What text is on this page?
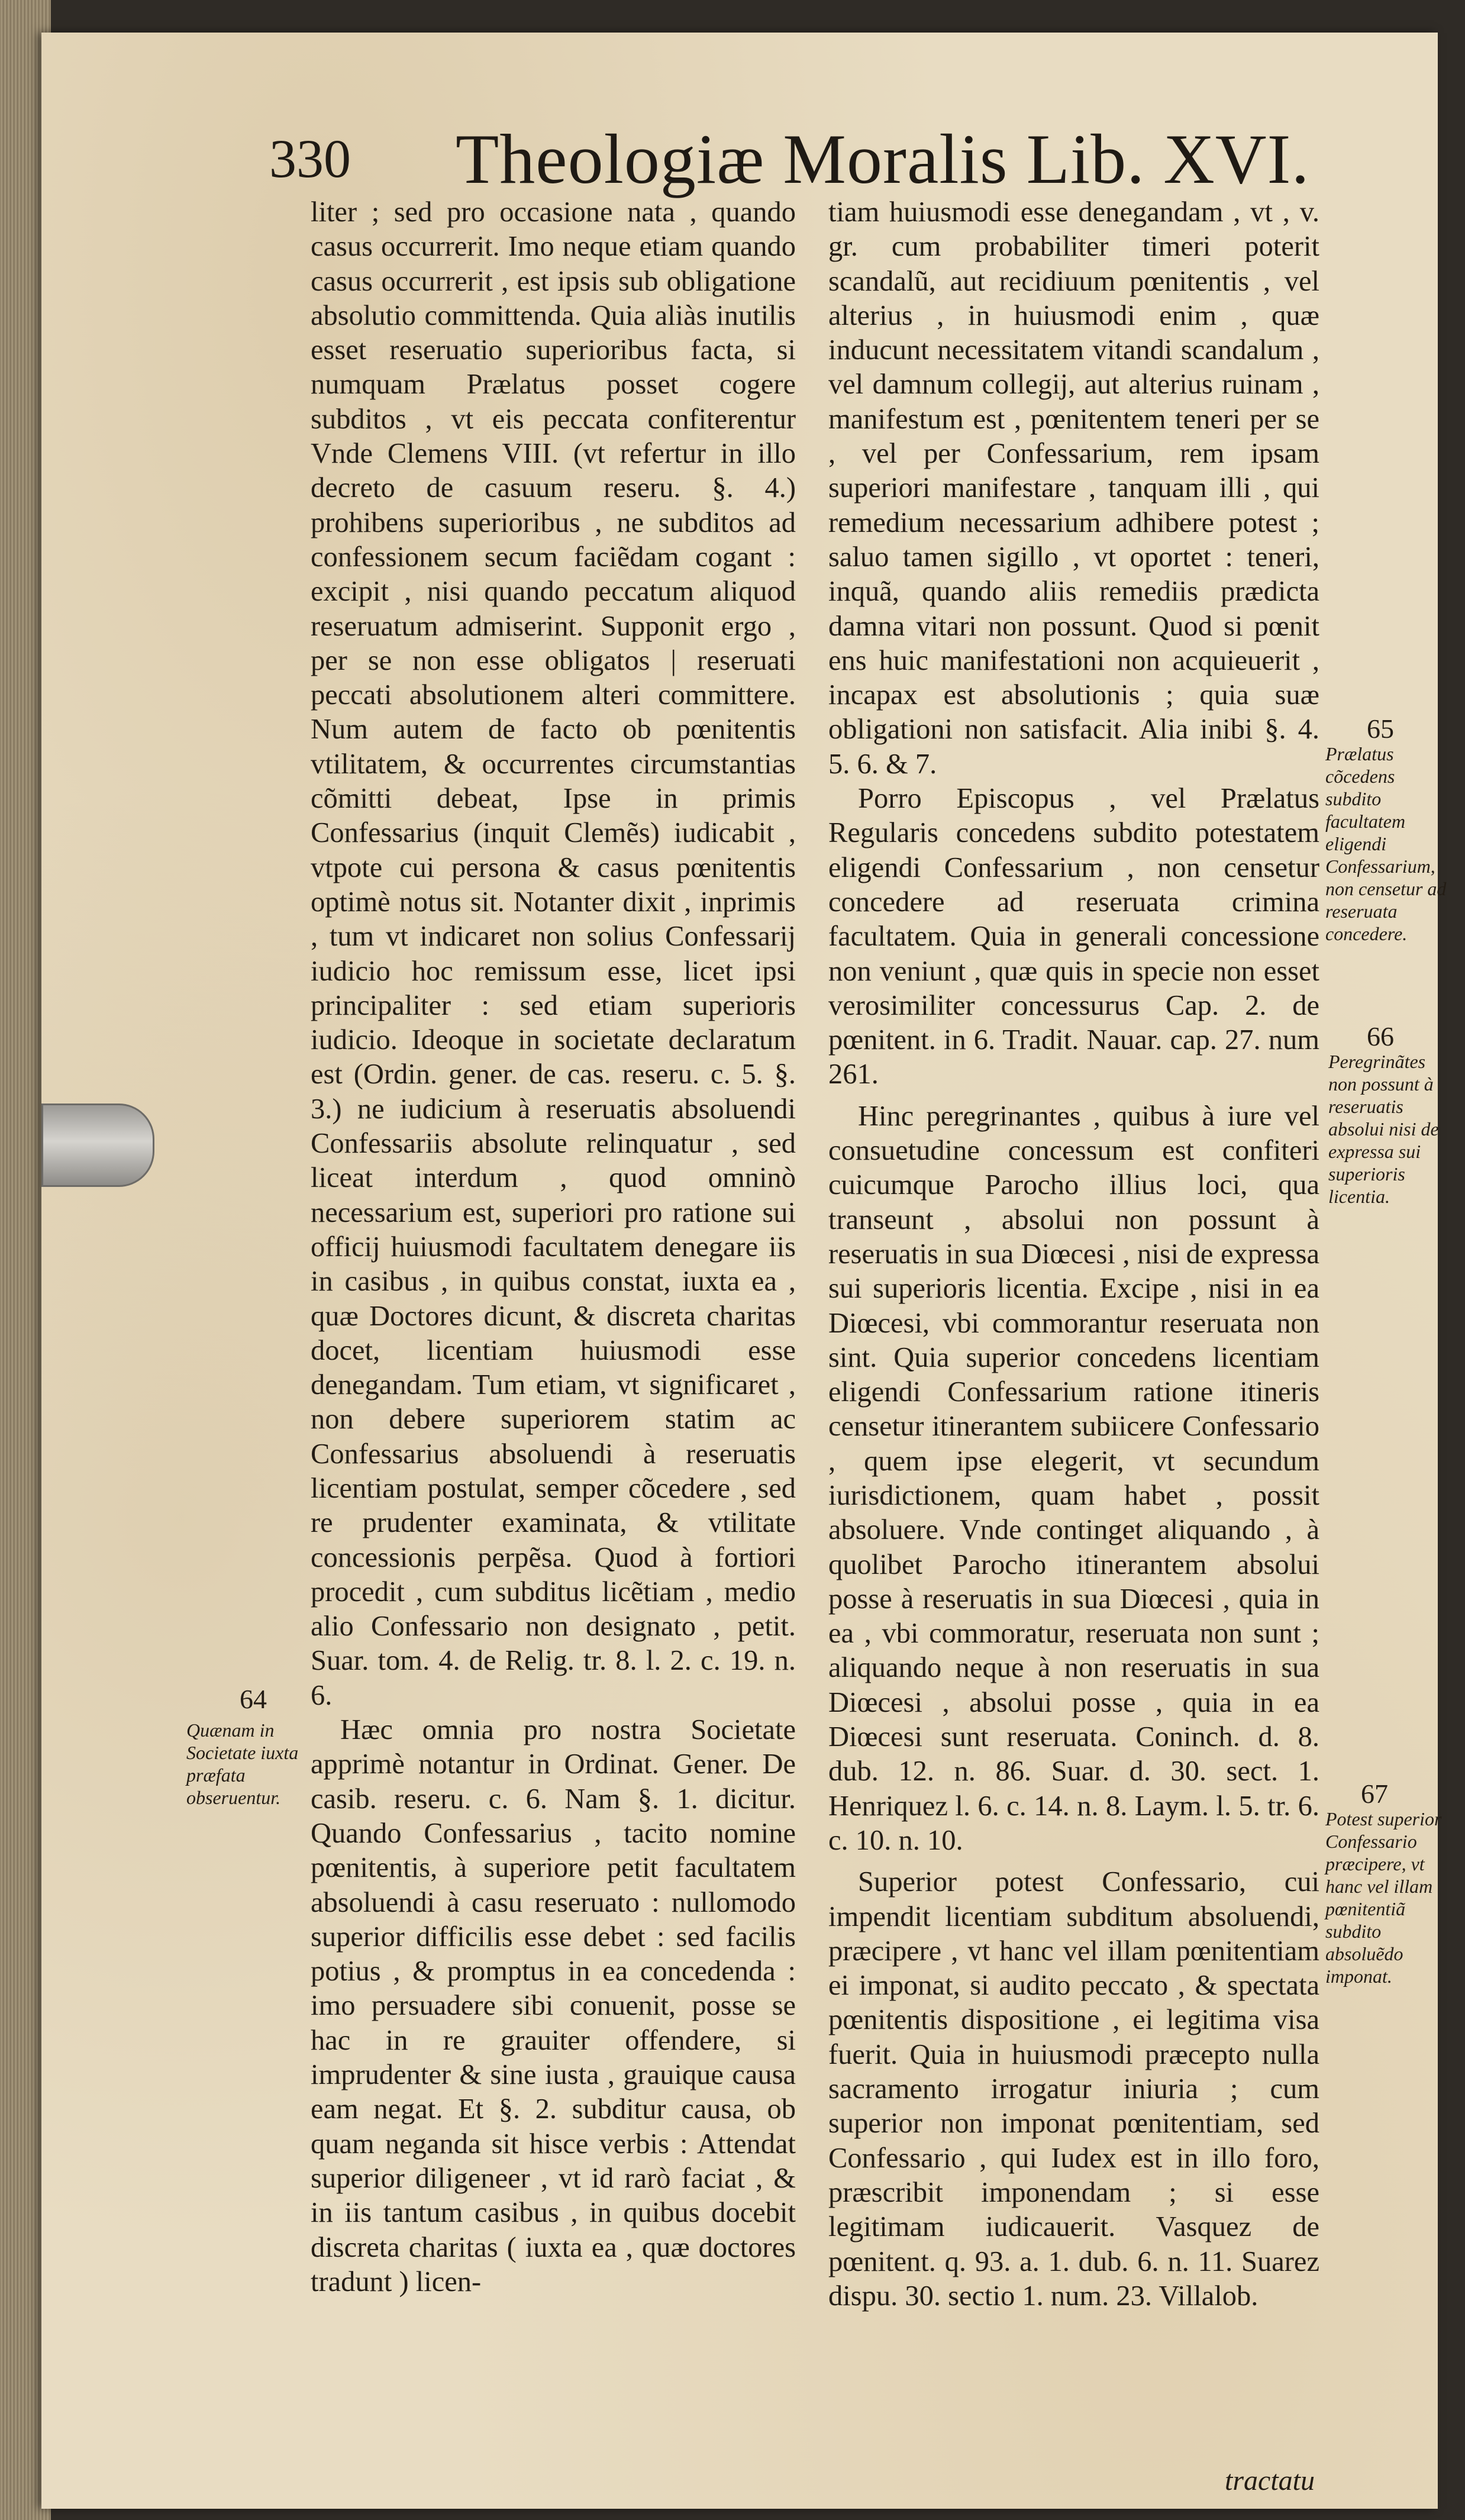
330 Theologiæ Moralis Lib. XVI.

liter ; sed pro occasione nata , quando casus occurrerit. Imo neque etiam quando casus occurrerit , est ipsis sub obligatione absolutio committenda. Quia aliàs inutilis esset reseruatio superioribus facta, si numquam Prælatus posset cogere subditos , vt eis peccata confiterentur Vnde Clemens VIII. (vt refertur in illo decreto de casuum reseru. §. 4.) prohibens superioribus , ne subditos ad confessionem secum faciẽdam cogant : excipit , nisi quando peccatum aliquod reseruatum admiserint. Supponit ergo , per se non esse obligatos | reseruati peccati absolutionem alteri committere. Num autem de facto ob pœnitentis vtilitatem, & occurrentes circumstantias cõmitti debeat, Ipse in primis Confessarius (inquit Clemẽs) iudicabit , vtpote cui persona & casus pœnitentis optimè notus sit. Notanter dixit , inprimis , tum vt indicaret non solius Confessarij iudicio hoc remissum esse, licet ipsi principaliter : sed etiam superioris iudicio. Ideoque in societate declaratum est (Ordin. gener. de cas. reseru. c. 5. §. 3.) ne iudicium à reseruatis absoluendi Confessariis absolute relinquatur , sed liceat interdum , quod omninò necessarium est, superiori pro ratione sui officij huiusmodi facultatem denegare iis in casibus , in quibus constat, iuxta ea , quæ Doctores dicunt, & discreta charitas docet, licentiam huiusmodi esse denegandam. Tum etiam, vt significaret , non debere superiorem statim ac Confessarius absoluendi à reseruatis licentiam postulat, semper cõcedere , sed re prudenter examinata, & vtilitate concessionis perpẽsa. Quod à fortiori procedit , cum subditus licẽtiam , medio alio Confessario non designato , petit. Suar. tom. 4. de Relig. tr. 8. l. 2. c. 19. n. 6.

Hæc omnia pro nostra Societate apprimè notantur in Ordinat. Gener. De casib. reseru. c. 6. Nam §. 1. dicitur. Quando Confessarius , tacito nomine pœnitentis, à superiore petit facultatem absoluendi à casu reseruato : nullomodo superior difficilis esse debet : sed facilis potius , & promptus in ea concedenda : imo persuadere sibi conuenit, posse se hac in re grauiter offendere, si imprudenter & sine iusta , grauique causa eam negat. Et §. 2. subditur causa, ob quam neganda sit hisce verbis : Attendat superior diligeneer , vt id rarò faciat , & in iis tantum casibus , in quibus docebit discreta charitas ( iuxta ea , quæ doctores tradunt ) licen-

tiam huiusmodi esse denegandam , vt , v. gr. cum probabiliter timeri poterit scandalũ, aut recidiuum pœnitentis , vel alterius , in huiusmodi enim , quæ inducunt necessitatem vitandi scandalum , vel damnum collegij, aut alterius ruinam , manifestum est , pœnitentem teneri per se , vel per Confessarium, rem ipsam superiori manifestare , tanquam illi , qui remedium necessarium adhibere potest ; saluo tamen sigillo , vt oportet : teneri, inquã, quando aliis remediis prædicta damna vitari non possunt. Quod si pœnit ens huic manifestationi non acquieuerit , incapax est absolutionis ; quia suæ obligationi non satisfacit. Alia inibi §. 4. 5. 6. & 7.

Porro Episcopus , vel Prælatus Regularis concedens subdito potestatem eligendi Confessarium , non censetur concedere ad reseruata crimina facultatem. Quia in generali concessione non veniunt , quæ quis in specie non esset verosimiliter concessurus Cap. 2. de pœnitent. in 6. Tradit. Nauar. cap. 27. num 261.

Hinc peregrinantes , quibus à iure vel consuetudine concessum est confiteri cuicumque Parocho illius loci, qua transeunt , absolui non possunt à reseruatis in sua Diœcesi , nisi de expressa sui superioris licentia. Excipe , nisi in ea Diœcesi, vbi commorantur reseruata non sint. Quia superior concedens licentiam eligendi Confessarium ratione itineris censetur itinerantem subiicere Confessario , quem ipse elegerit, vt secundum iurisdictionem, quam habet , possit absoluere. Vnde continget aliquando , à quolibet Parocho itinerantem absolui posse à reseruatis in sua Diœcesi , quia in ea , vbi commoratur, reseruata non sunt ; aliquando neque à non reseruatis in sua Diœcesi , absolui posse , quia in ea Diœcesi sunt reseruata. Coninch. d. 8. dub. 12. n. 86. Suar. d. 30. sect. 1. Henriquez l. 6. c. 14. n. 8. Laym. l. 5. tr. 6. c. 10. n. 10.

Superior potest Confessario, cui impendit licentiam subditum absoluendi, præcipere , vt hanc vel illam pœnitentiam ei imponat, si audito peccato , & spectata pœnitentis dispositione , ei legitima visa fuerit. Quia in huiusmodi præcepto nulla sacramento irrogatur iniuria ; cum superior non imponat pœnitentiam, sed Confessario , qui Iudex est in illo foro, præscribit imponendam ; si esse legitimam iudicauerit. Vasquez de pœnitent. q. 93. a. 1. dub. 6. n. 11. Suarez dispu. 30. sectio 1. num. 23. Villalob.

64
Quænam in Societate iuxta præfata obseruentur.
65
Prælatus cõcedens subdito facultatem eligendi Confessarium, non censetur ad reseruata concedere.
66
Peregrinãtes non possunt à reseruatis absolui nisi de expressa sui superioris licentia.
67
Potest superior Confessario præcipere, vt hanc vel illam pœnitentiã subdito absoluẽdo imponat.
tractatu
